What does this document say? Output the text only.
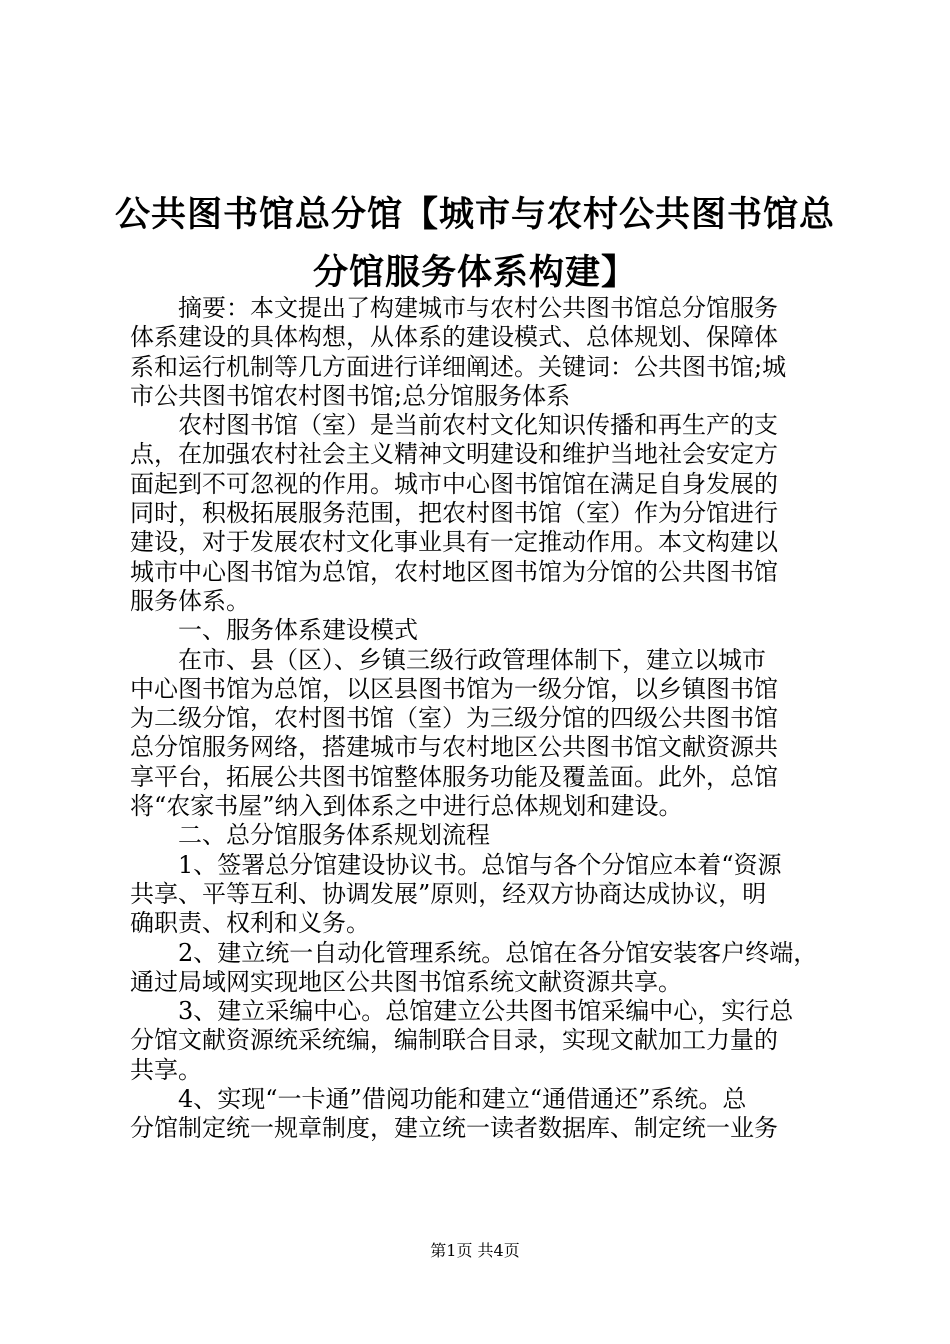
公共图书馆总分馆【城市与农村公共图书馆总
分馆服务体系构建】

摘要：本文提出了构建城市与农村公共图书馆总分馆服务

体系建设的具体构想，从体系的建设模式、总体规划、保障体

系和运行机制等几方面进行详细阐述。关键词：公共图书馆;城

市公共图书馆农村图书馆;总分馆服务体系

农村图书馆（室）是当前农村文化知识传播和再生产的支

点，在加强农村社会主义精神文明建设和维护当地社会安定方

面起到不可忽视的作用。城市中心图书馆馆在满足自身发展的

同时，积极拓展服务范围，把农村图书馆（室）作为分馆进行

建设，对于发展农村文化事业具有一定推动作用。本文构建以

城市中心图书馆为总馆，农村地区图书馆为分馆的公共图书馆

服务体系。

一、服务体系建设模式

在市、县（区）、乡镇三级行政管理体制下，建立以城市

中心图书馆为总馆，以区县图书馆为一级分馆，以乡镇图书馆

为二级分馆，农村图书馆（室）为三级分馆的四级公共图书馆

总分馆服务网络，搭建城市与农村地区公共图书馆文献资源共

享平台，拓展公共图书馆整体服务功能及覆盖面。此外，总馆

将“农家书屋”纳入到体系之中进行总体规划和建设。

二、总分馆服务体系规划流程

1、签署总分馆建设协议书。总馆与各个分馆应本着“资源

共享、平等互利、协调发展”原则，经双方协商达成协议，明

确职责、权利和义务。

2、建立统一自动化管理系统。总馆在各分馆安装客户终端，

通过局域网实现地区公共图书馆系统文献资源共享。

3、建立采编中心。总馆建立公共图书馆采编中心，实行总

分馆文献资源统采统编，编制联合目录，实现文献加工力量的

共享。

4、实现“一卡通”借阅功能和建立“通借通还”系统。总

分馆制定统一规章制度，建立统一读者数据库、制定统一业务

第1页 共4页
